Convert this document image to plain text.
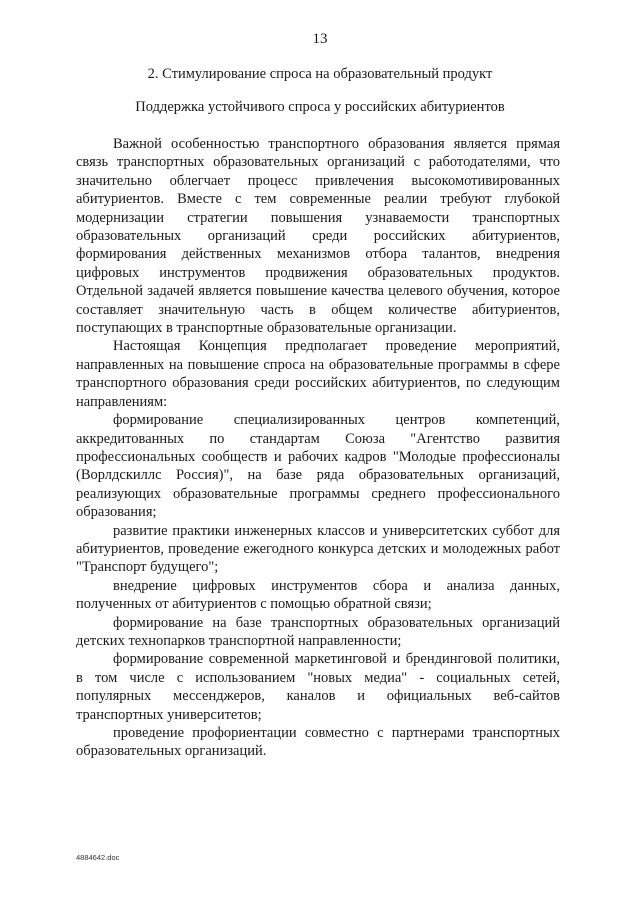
13
2. Стимулирование спроса на образовательный продукт
Поддержка устойчивого спроса у российских абитуриентов

Важной особенностью транспортного образования является прямая связь транспортных образовательных организаций с работодателями, что значительно облегчает процесс привлечения высокомотивированных абитуриентов. Вместе с тем современные реалии требуют глубокой модернизации стратегии повышения узнаваемости транспортных образовательных организаций среди российских абитуриентов, формирования действенных механизмов отбора талантов, внедрения цифровых инструментов продвижения образовательных продуктов. Отдельной задачей является повышение качества целевого обучения, которое составляет значительную часть в общем количестве абитуриентов, поступающих в транспортные образовательные организации.

Настоящая Концепция предполагает проведение мероприятий, направленных на повышение спроса на образовательные программы в сфере транспортного образования среди российских абитуриентов, по следующим направлениям:

формирование специализированных центров компетенций, аккредитованных по стандартам Союза "Агентство развития профессиональных сообществ и рабочих кадров "Молодые профессионалы (Ворлдскиллс Россия)", на базе ряда образовательных организаций, реализующих образовательные программы среднего профессионального образования;

развитие практики инженерных классов и университетских суббот для абитуриентов, проведение ежегодного конкурса детских и молодежных работ "Транспорт будущего";

внедрение цифровых инструментов сбора и анализа данных, полученных от абитуриентов с помощью обратной связи;

формирование на базе транспортных образовательных организаций детских технопарков транспортной направленности;

формирование современной маркетинговой и брендинговой политики, в том числе с использованием "новых медиа" - социальных сетей, популярных мессенджеров, каналов и официальных веб-сайтов транспортных университетов;

проведение профориентации совместно с партнерами транспортных образовательных организаций.

4884642.doc
